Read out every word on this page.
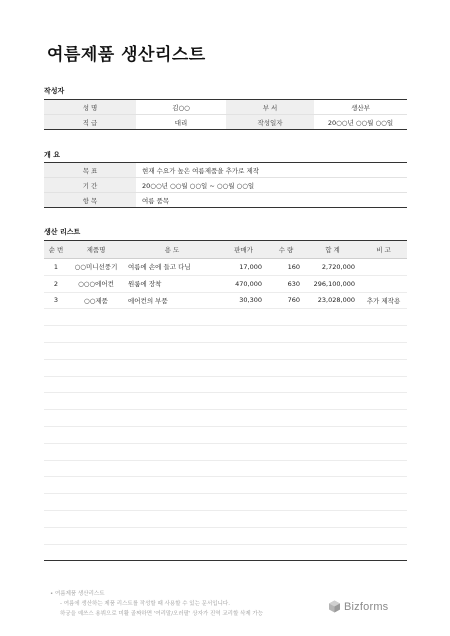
여름제품 생산리스트
작성자
성 명	김○○	부 서	생산부
직 급	대리	작성일자	20○○년 ○○월 ○○일
개 요
목 표	현재 수요가 높은 여름제품을 추가로 제작
기 간	20○○년 ○○월 ○○일 ~ ○○월 ○○일
항 목	여름 품목
생산 리스트
순 번	제품명	용 도	판매가	수 량	합 계	비 고
1	○○미니선풍기	여름에 손에 들고 다님	17,000	160	2,720,000	
2	○○○에어컨	원룸에 장착	470,000	630	296,100,000	
3	○○제품	에어컨의 부품	30,300	760	23,028,000	추가 제작용

• 여름제품 생산리스트
- 여름에 생산하는 제품 리스트를 작성할 때 사용할 수 있는 문서입니다.
하궁을 예쓰스 용뷔으로 미활 골짜하면 '여리말/오러팔' 상자가 진역 교리할 삭제 가능
Bizforms
